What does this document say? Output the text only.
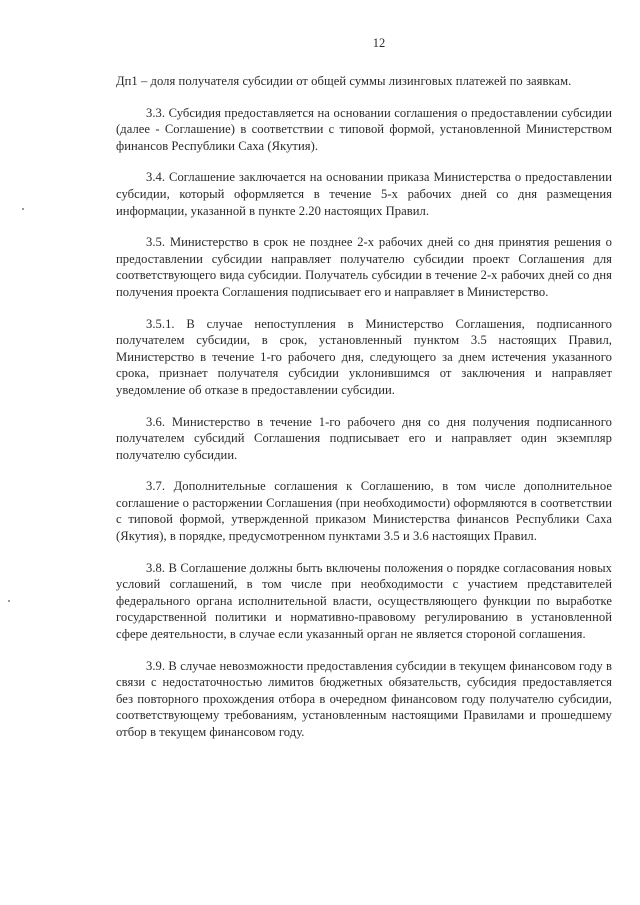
12

Дп1 – доля получателя субсидии от общей суммы лизинговых платежей по заявкам.

3.3. Субсидия предоставляется на основании соглашения о предоставлении субсидии (далее - Соглашение) в соответствии с типовой формой, установленной Министерством финансов Республики Саха (Якутия).

3.4. Соглашение заключается на основании приказа Министерства о предоставлении субсидии, который оформляется в течение 5-х рабочих дней со дня размещения информации, указанной в пункте 2.20 настоящих Правил.

3.5. Министерство в срок не позднее 2-х рабочих дней со дня принятия решения о предоставлении субсидии направляет получателю субсидии проект Соглашения для соответствующего вида субсидии. Получатель субсидии в течение 2-х рабочих дней со дня получения проекта Соглашения подписывает его и направляет в Министерство.

3.5.1. В случае непоступления в Министерство Соглашения, подписанного получателем субсидии, в срок, установленный пунктом 3.5 настоящих Правил, Министерство в течение 1-го рабочего дня, следующего за днем истечения указанного срока, признает получателя субсидии уклонившимся от заключения и направляет уведомление об отказе в предоставлении субсидии.

3.6. Министерство в течение 1-го рабочего дня со дня получения подписанного получателем субсидий Соглашения подписывает его и направляет один экземпляр получателю субсидии.

3.7. Дополнительные соглашения к Соглашению, в том числе дополнительное соглашение о расторжении Соглашения (при необходимости) оформляются в соответствии с типовой формой, утвержденной приказом Министерства финансов Республики Саха (Якутия), в порядке, предусмотренном пунктами 3.5 и 3.6 настоящих Правил.

3.8. В Соглашение должны быть включены положения о порядке согласования новых условий соглашений, в том числе при необходимости с участием представителей федерального органа исполнительной власти, осуществляющего функции по выработке государственной политики и нормативно-правовому регулированию в установленной сфере деятельности, в случае если указанный орган не является стороной соглашения.

3.9. В случае невозможности предоставления субсидии в текущем финансовом году в связи с недостаточностью лимитов бюджетных обязательств, субсидия предоставляется без повторного прохождения отбора в очередном финансовом году получателю субсидии, соответствующему требованиям, установленным настоящими Правилами и прошедшему отбор в текущем финансовом году.
